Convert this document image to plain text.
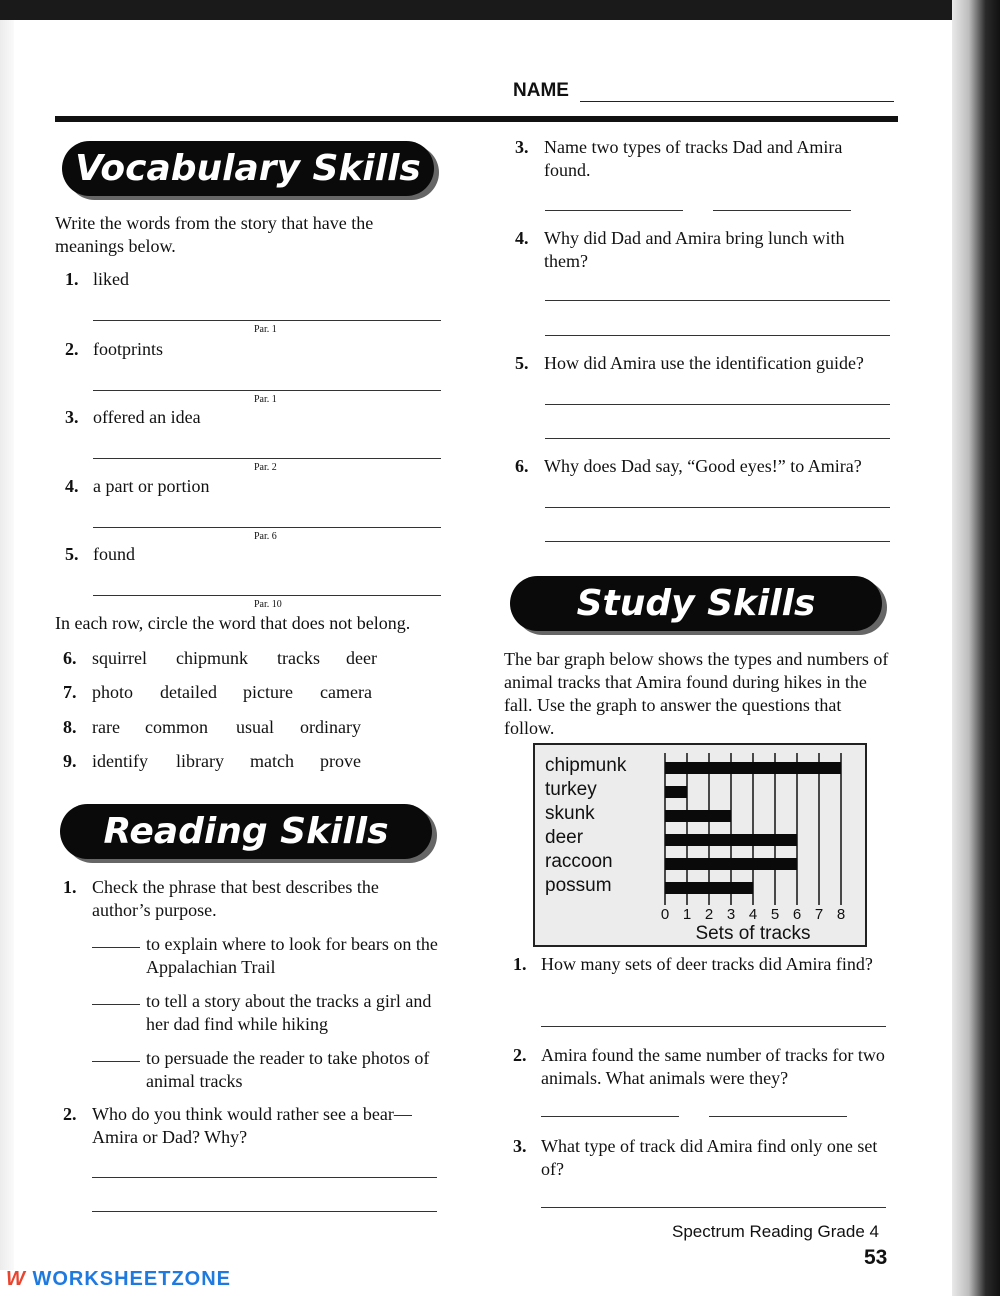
NAME
Vocabulary Skills
Write the words from the story that have the meanings below.
In each row, circle the word that does not belong.
Reading Skills
1. Check the phrase that best describes the author’s purpose.
2. Who do you think would rather see a bear—Amira or Dad? Why?
Study Skills
The bar graph below shows the types and numbers of animal tracks that Amira found during hikes in the fall. Use the graph to answer the questions that follow.
chipmunk
turkey
skunk
deer
raccoon
possum
0 1 2 3 4 5 6 7 8
Sets of tracks
Spectrum Reading Grade 4
53
W WORKSHEETZONE
1. liked
Par. 1
2. footprints
Par. 1
3. offered an idea
Par. 2
4. a part or portion
Par. 6
5. found
Par. 10
6. squirrel chipmunk tracks deer
7. photo detailed picture camera
8. rare common usual ordinary
9. identify library match prove
to explain where to look for bears on the Appalachian Trail
to tell a story about the tracks a girl and her dad find while hiking
to persuade the reader to take photos of animal tracks
3. Name two types of tracks Dad and Amira found.
4. Why did Dad and Amira bring lunch with them?
5. How did Amira use the identification guide?
6. Why does Dad say, “Good eyes!” to Amira?
1. How many sets of deer tracks did Amira find?
2. Amira found the same number of tracks for two animals. What animals were they?
3. What type of track did Amira find only one set of?
